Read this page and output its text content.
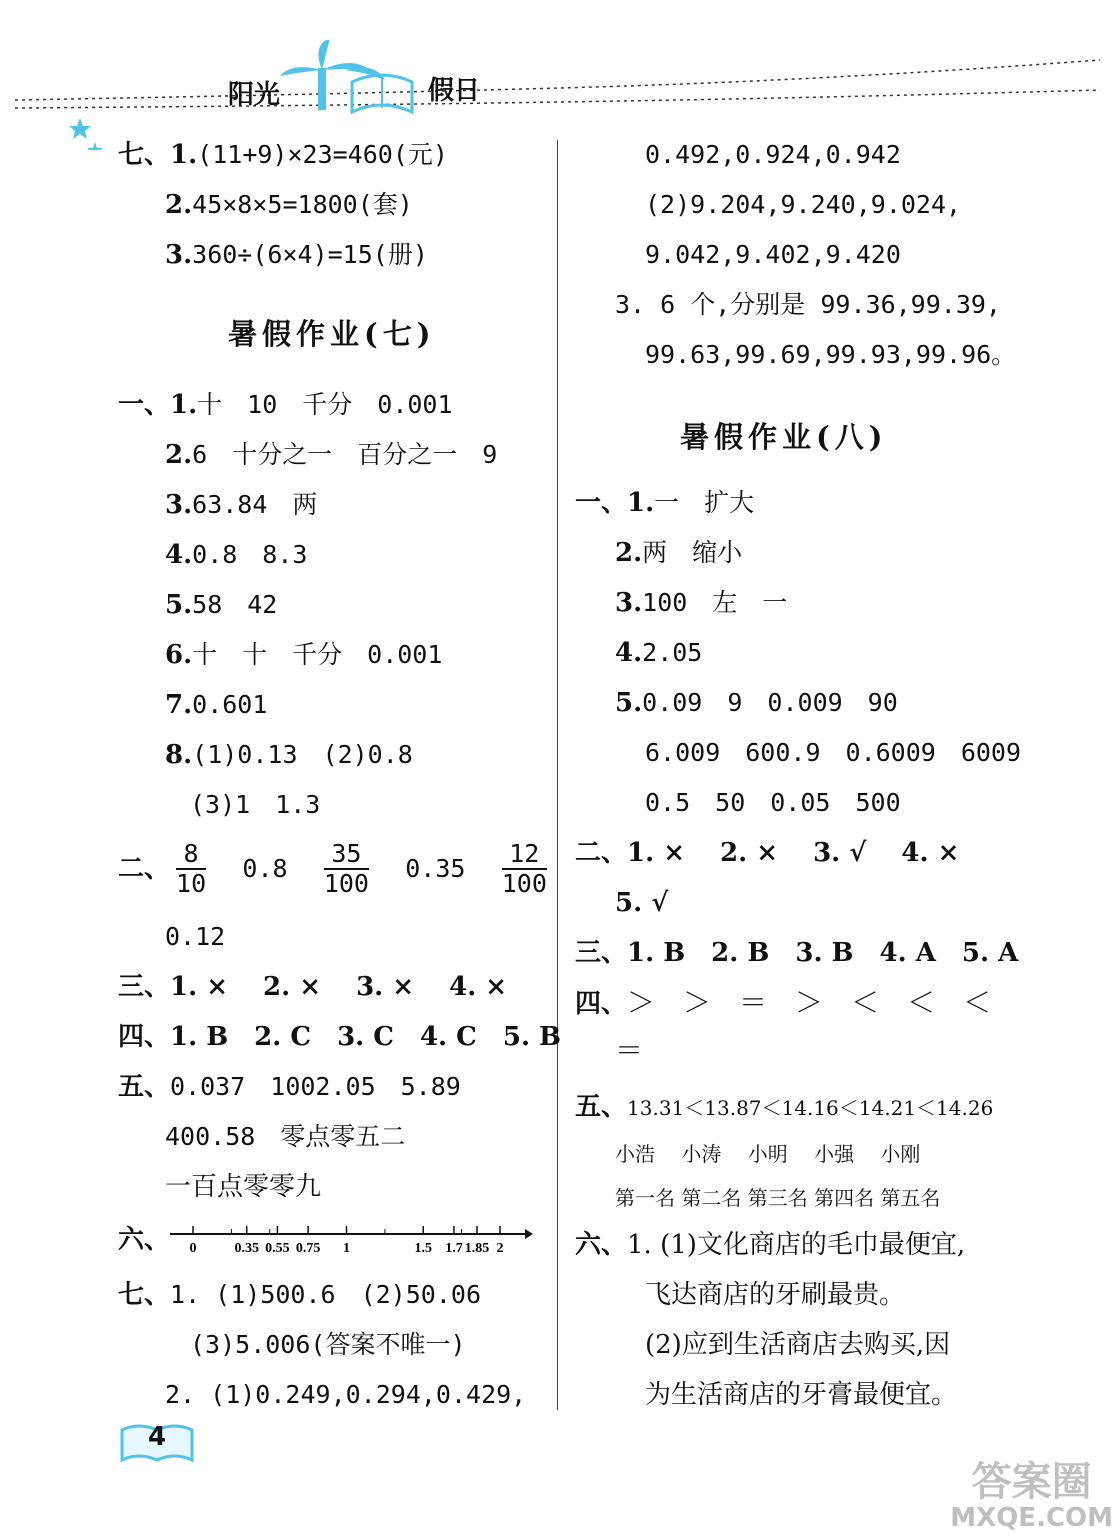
阳光	假日
七、1.(11+9)×23=460(元)
2.45×8×5=1800(套)
3.360÷(6×4)=15(册)
暑假作业(七)
一、1.十　10　千分　0.001
2.6　十分之一　百分之一　9
3.63.84　两
4.0.8　8.3
5.58　42
6.十　十　千分　0.001
7.0.601
8.(1)0.13　(2)0.8
(3)1　1.3
二、 $\frac{8}{10} 0.8 \frac{35}{100} 0.35 \frac{12}{100}$
0.12
三、1. ×　 2. ×　 3. ×　 4. ×
四、1. B　2. C　3. C　4. C　5. B
五、0.037　1002.05　5.89
400.58　零点零五二
一百点零零九
六、 0	0.35 0.55 0.75 1	1.5 1.7 1.85 2
七、1. (1)500.6　(2)50.06
(3)5.006(答案不唯一)
2. (1)0.249,0.294,0.429,
0.492,0.924,0.942
(2)9.204,9.240,9.024,
9.042,9.402,9.420
3. 6 个,分别是 99.36,99.39,
99.63,99.69,99.93,99.96。
暑假作业(八)
一、1.一　扩大
2.两　缩小
3.100　左　一
4.2.05
5.0.09　9　0.009　90
6.009　600.9　0.6009　6009
0.5　50　0.05　500
二、1. ×　 2. ×　 3. √　 4. ×
5. √
三、1. B　2. B　3. B　4. A　5. A
四、＞　＞　＝　＞　＜　＜　＜
＝
五、13.31＜13.87＜14.16＜14.21＜14.26
小浩　 小涛　 小明　 小强　 小刚
第一名 第二名 第三名 第四名 第五名
六、1. (1)文化商店的毛巾最便宜,
飞达商店的牙刷最贵。
(2)应到生活商店去购买,因
为生活商店的牙膏最便宜。
4
答案圈
MXQE.COM
